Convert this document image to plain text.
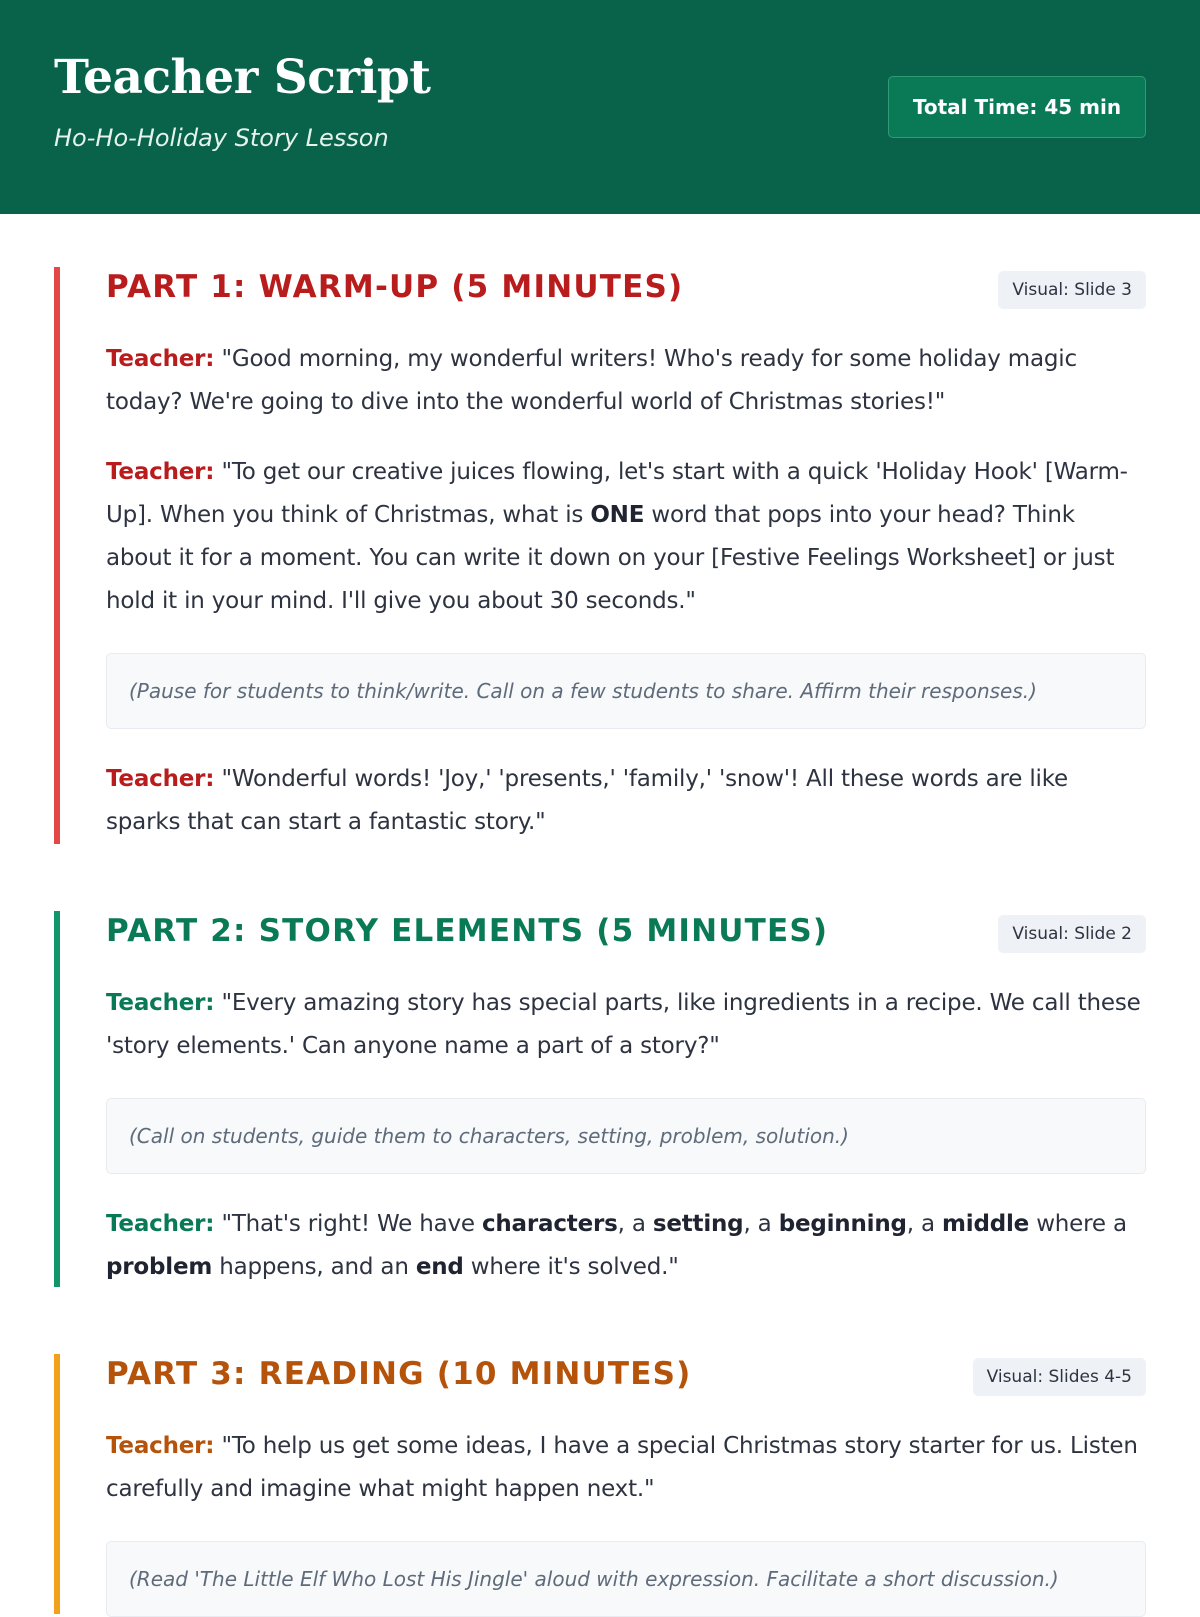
Teacher Script
Ho-Ho-Holiday Story Lesson
Total Time: 45 min
PART 1: WARM-UP (5 MINUTES)	Visual: Slide 3

Teacher: "Good morning, my wonderful writers! Who's ready for some holiday magic today? We're going to dive into the wonderful world of Christmas stories!"

Teacher: "To get our creative juices flowing, let's start with a quick 'Holiday Hook' [Warm-Up]. When you think of Christmas, what is ONE word that pops into your head? Think about it for a moment. You can write it down on your [Festive Feelings Worksheet] or just hold it in your mind. I'll give you about 30 seconds."

(Pause for students to think/write. Call on a few students to share. Affirm their responses.)

Teacher: "Wonderful words! 'Joy,' 'presents,' 'family,' 'snow'! All these words are like sparks that can start a fantastic story."

PART 2: STORY ELEMENTS (5 MINUTES)	Visual: Slide 2

Teacher: "Every amazing story has special parts, like ingredients in a recipe. We call these 'story elements.' Can anyone name a part of a story?"

(Call on students, guide them to characters, setting, problem, solution.)

Teacher: "That's right! We have characters, a setting, a beginning, a middle where a problem happens, and an end where it's solved."

PART 3: READING (10 MINUTES)	Visual: Slides 4-5

Teacher: "To help us get some ideas, I have a special Christmas story starter for us. Listen carefully and imagine what might happen next."

(Read 'The Little Elf Who Lost His Jingle' aloud with expression. Facilitate a short discussion.)
